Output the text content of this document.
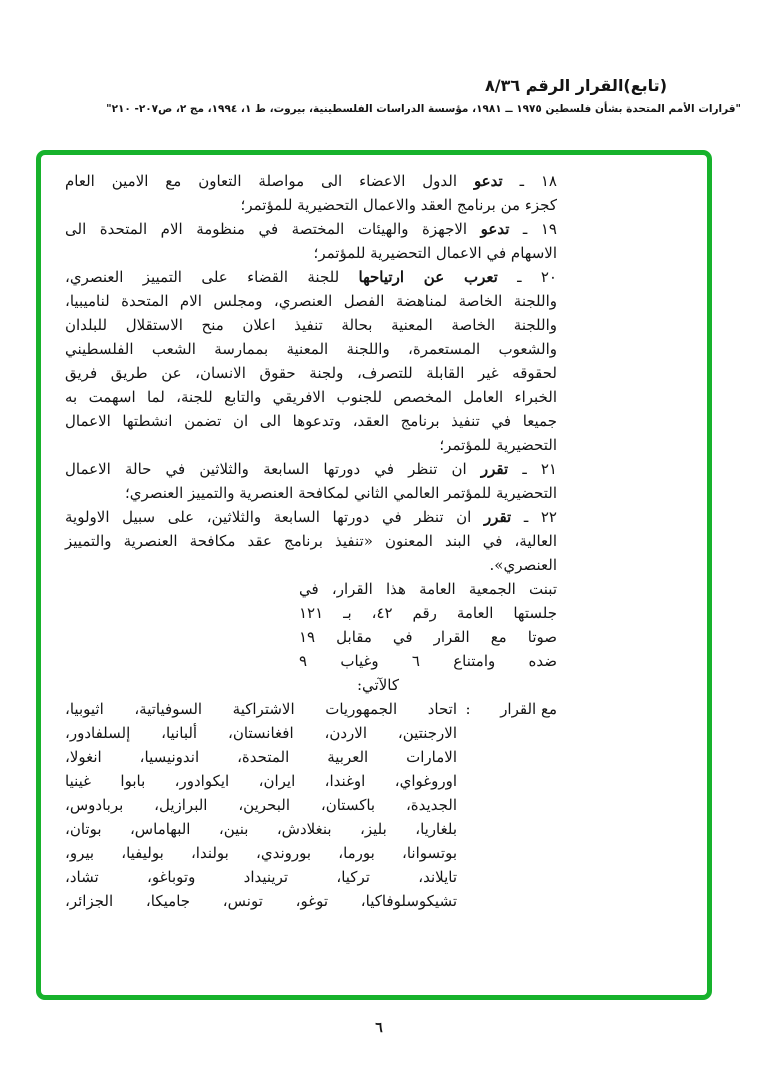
(تابع)القرار الرقم ٨/٣٦
"قرارات الأمم المتحدة بشأن فلسطين ١٩٧٥ ــ ١٩٨١، مؤسسة الدراسات الفلسطينية، بيروت، ط ١، ١٩٩٤، مج ٢، ص٢٠٧- ٢١٠"
١٨ ـ تدعو الدول الاعضاء الى مواصلة التعاون مع الامين العام
كجزء من برنامج العقد والاعمال التحضيرية للمؤتمر؛
١٩ ـ تدعو الاجهزة والهيئات المختصة في منظومة الام المتحدة الى
الاسهام في الاعمال التحضيرية للمؤتمر؛
٢٠ ـ تعرب عن ارتياحها للجنة القضاء على التمييز العنصري،
واللجنة الخاصة لمناهضة الفصل العنصري، ومجلس الام المتحدة لناميبيا،
واللجنة الخاصة المعنية بحالة تنفيذ اعلان منح الاستقلال للبلدان
والشعوب المستعمرة، واللجنة المعنية بممارسة الشعب الفلسطيني
لحقوقه غير القابلة للتصرف، ولجنة حقوق الانسان، عن طريق فريق
الخبراء العامل المخصص للجنوب الافريقي والتابع للجنة، لما اسهمت به
جميعا في تنفيذ برنامج العقد، وتدعوها الى ان تضمن انشطتها الاعمال
التحضيرية للمؤتمر؛
٢١ ـ تقرر ان تنظر في دورتها السابعة والثلاثين في حالة الاعمال
التحضيرية للمؤتمر العالمي الثاني لمكافحة العنصرية والتمييز العنصري؛
٢٢ ـ تقرر ان تنظر في دورتها السابعة والثلاثين، على سبيل الاولوية
العالية، في البند المعنون «تنفيذ برنامج عقد مكافحة العنصرية والتمييز
العنصري».
تبنت الجمعية العامة هذا القرار، في
جلستها العامة رقم ٤٢، بـ ١٢١
صوتا مع القرار في مقابل ١٩
ضده وامتناع ٦ وغياب ٩
كالآتي:
مع القرار
:
اتحاد الجمهوريات الاشتراكية السوفياتية، اثيوبيا،
الارجنتين، الاردن، افغانستان، ألبانيا، إلسلفادور،
الامارات العربية المتحدة، اندونيسيا، انغولا،
اوروغواي، اوغندا، ايران، ايكوادور، بابوا غينيا
الجديدة، باكستان، البحرين، البرازيل، بربادوس،
بلغاريا، بليز، بنغلادش، بنين، البهاماس، بوتان،
بوتسوانا، بورما، بوروندي، بولندا، بوليفيا، بيرو،
تايلاند، تركيا، ترينيداد وتوباغو، تشاد،
تشيكوسلوفاكيا، توغو، تونس، جاميكا، الجزائر،
٦
